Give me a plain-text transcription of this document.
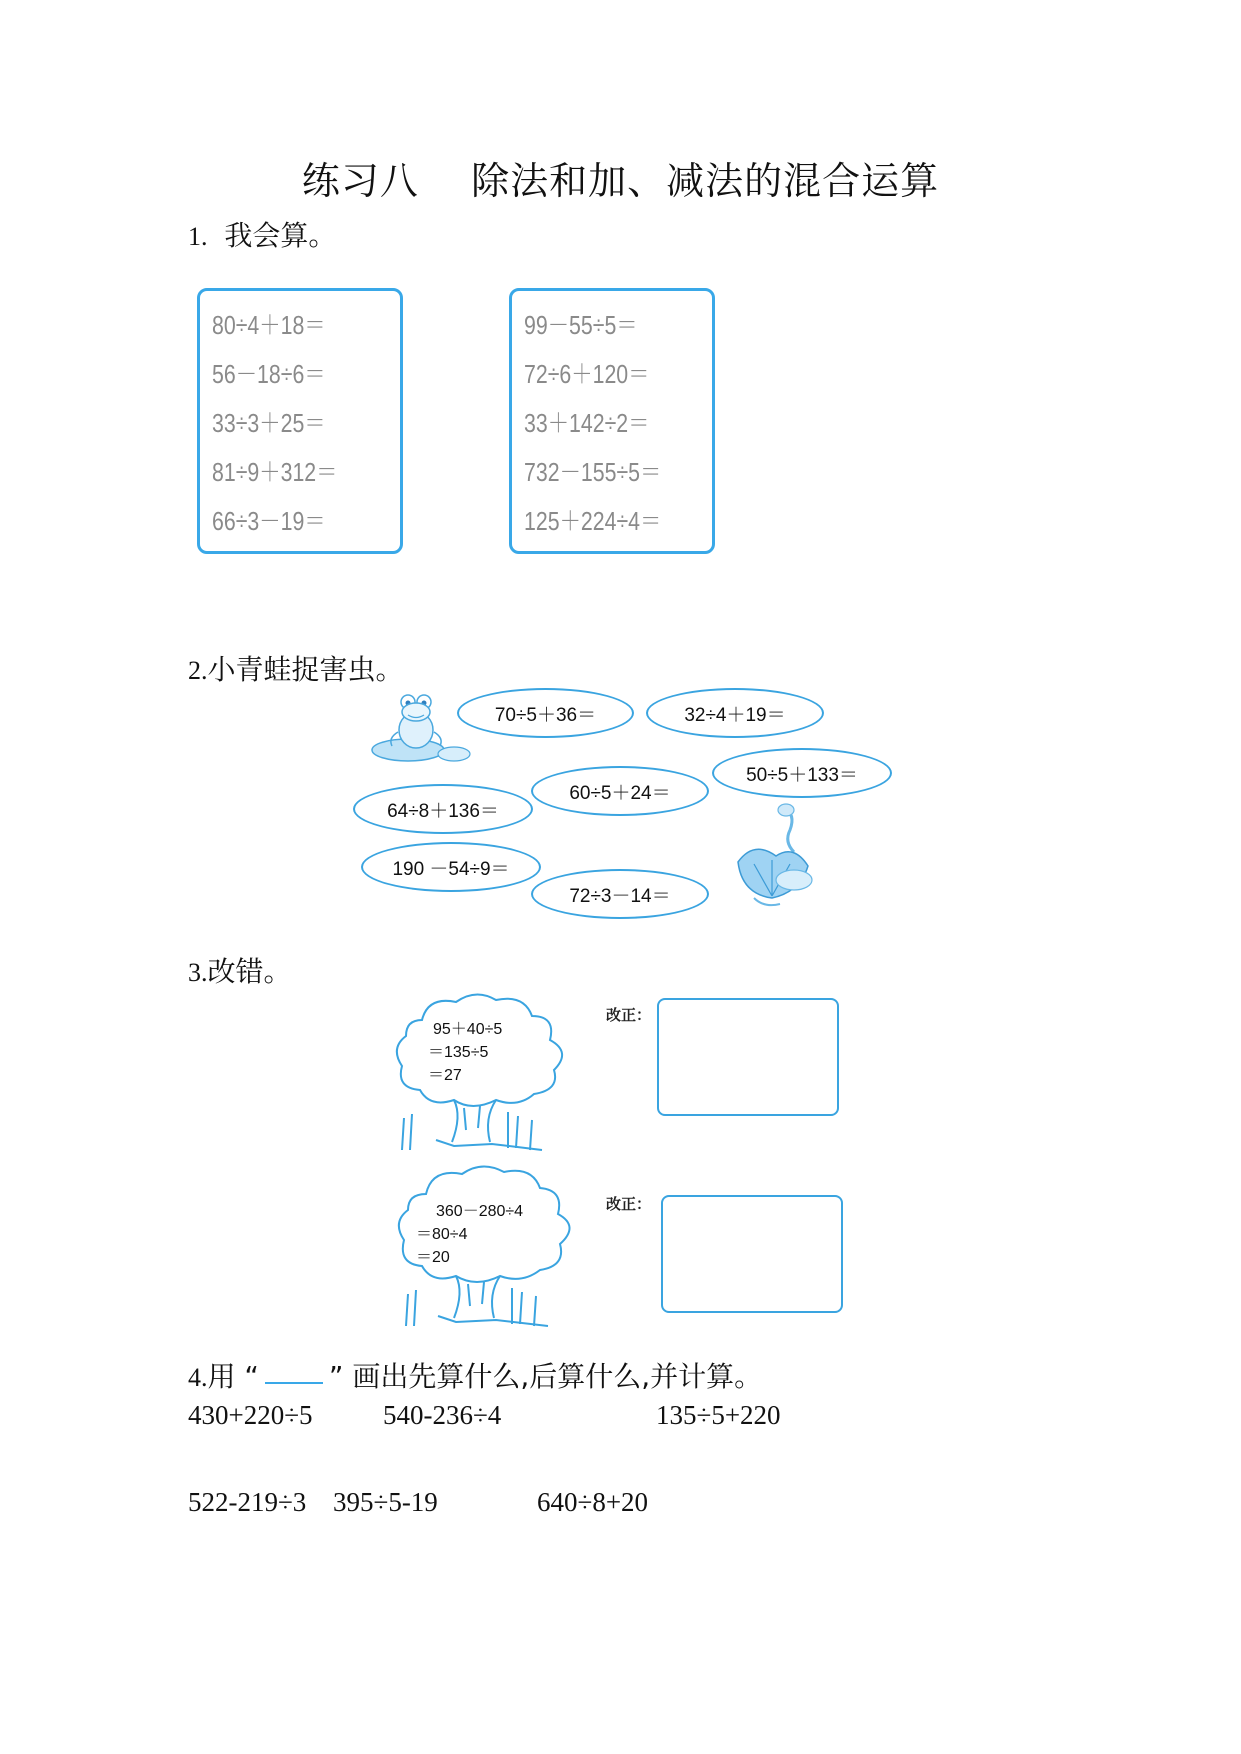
练习八    除法和加、减法的混合运算
1. 我会算。
80÷4＋18＝
56－18÷6＝
33÷3＋25＝
81÷9＋312＝
66÷3－19＝
99－55÷5＝
72÷6＋120＝
33＋142÷2＝
732－155÷5＝
125＋224÷4＝
2.小青蛙捉害虫。
70÷5＋36＝	32÷4＋19＝
60÷5＋24＝
50÷5＋133＝
64÷8＋136＝
190 －54÷9＝
72÷3－14＝
3.改错。
95＋40÷5
＝135÷5
＝27
改正：
360－280÷4
＝80÷4
＝20
改正：
4.用 “	” 画出先算什么,后算什么,并计算。
430+220÷5	540-236÷4	135÷5+220
522-219÷3 395÷5-19	640÷8+20
